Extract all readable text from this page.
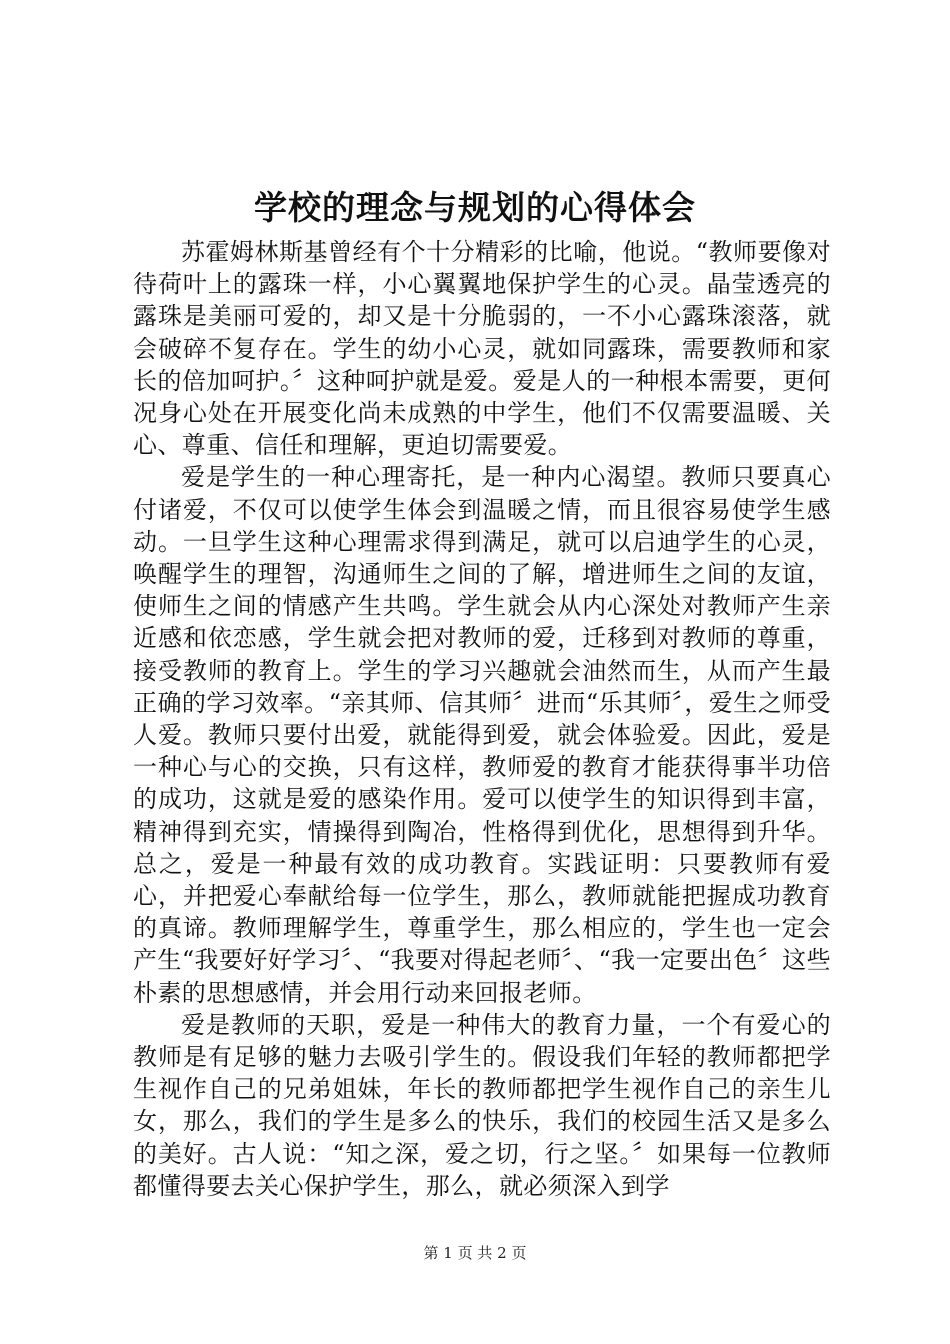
学校的理念与规划的心得体会

苏霍姆林斯基曾经有个十分精彩的比喻，他说。“教师要像对待荷叶上的露珠一样，小心翼翼地保护学生的心灵。晶莹透亮的露珠是美丽可爱的，却又是十分脆弱的，一不小心露珠滚落，就会破碎不复存在。学生的幼小心灵，就如同露珠，需要教师和家长的倍加呵护。〞这种呵护就是爱。爱是人的一种根本需要，更何况身心处在开展变化尚未成熟的中学生，他们不仅需要温暖、关心、尊重、信任和理解，更迫切需要爱。

爱是学生的一种心理寄托，是一种内心渴望。教师只要真心付诸爱，不仅可以使学生体会到温暖之情，而且很容易使学生感动。一旦学生这种心理需求得到满足，就可以启迪学生的心灵，唤醒学生的理智，沟通师生之间的了解，增进师生之间的友谊，使师生之间的情感产生共鸣。学生就会从内心深处对教师产生亲近感和依恋感，学生就会把对教师的爱，迁移到对教师的尊重，接受教师的教育上。学生的学习兴趣就会油然而生，从而产生最正确的学习效率。“亲其师、信其师〞进而“乐其师〞，爱生之师受人爱。教师只要付出爱，就能得到爱，就会体验爱。因此，爱是一种心与心的交换，只有这样，教师爱的教育才能获得事半功倍的成功，这就是爱的感染作用。爱可以使学生的知识得到丰富，精神得到充实，情操得到陶冶，性格得到优化，思想得到升华。总之，爱是一种最有效的成功教育。实践证明：只要教师有爱心，并把爱心奉献给每一位学生，那么，教师就能把握成功教育的真谛。教师理解学生，尊重学生，那么相应的，学生也一定会产生“我要好好学习〞、“我要对得起老师〞、“我一定要出色〞这些朴素的思想感情，并会用行动来回报老师。

爱是教师的天职，爱是一种伟大的教育力量，一个有爱心的教师是有足够的魅力去吸引学生的。假设我们年轻的教师都把学生视作自己的兄弟姐妹，年长的教师都把学生视作自己的亲生儿女，那么，我们的学生是多么的快乐，我们的校园生活又是多么的美好。古人说：“知之深，爱之切，行之坚。〞如果每一位教师都懂得要去关心保护学生，那么，就必须深入到学

第 1 页 共 2 页
